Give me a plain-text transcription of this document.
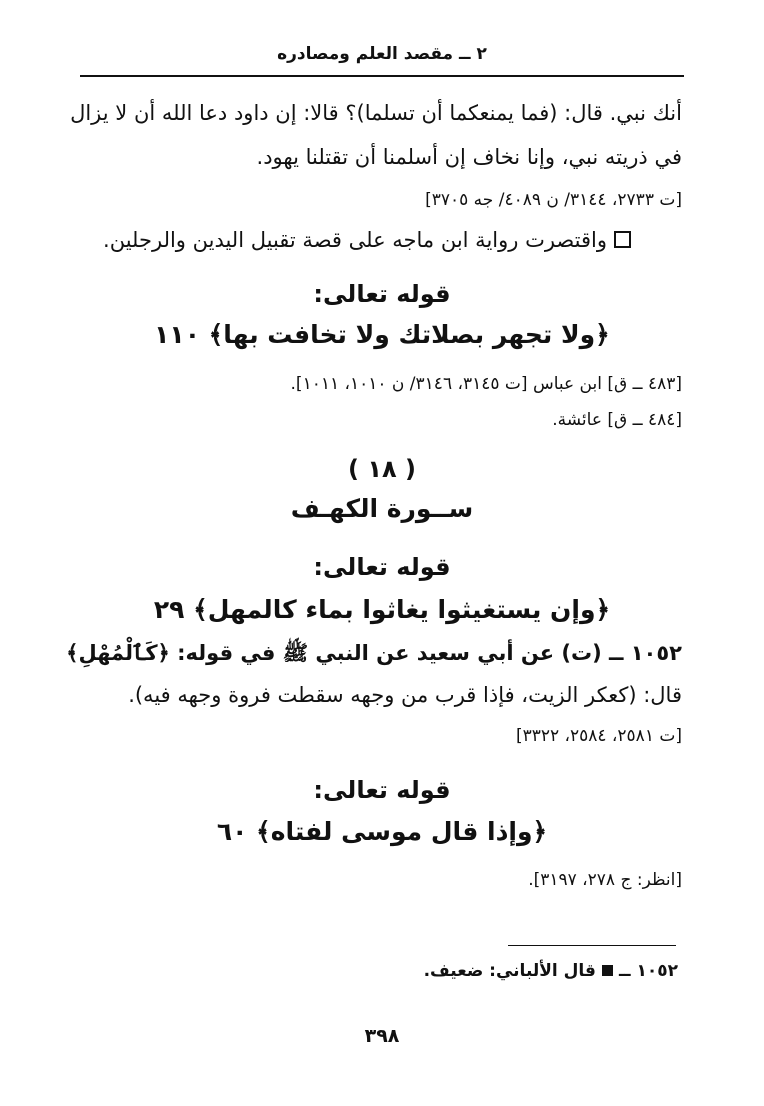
٢ ــ مقصد العلم ومصادره
أنك نبي. قال: (فما يمنعكما أن تسلما)؟ قالا: إن داود دعا الله أن لا يزال
في ذريته نبي، وإنا نخاف إن أسلمنا أن تقتلنا يهود.
[ت ٢٧٣٣، ٣١٤٤/ ن ٤٠٨٩/ جه ٣٧٠٥]
واقتصرت رواية ابن ماجه على قصة تقبيل اليدين والرجلين.
قوله تعالى:
﴿ولا تجهر بصلاتك ولا تخافت بها﴾ ١١٠
[٤٨٣ ــ ق] ابن عباس [ت ٣١٤٥، ٣١٤٦/ ن ١٠١٠، ١٠١١].
[٤٨٤ ــ ق] عائشة.
( ١٨ )
ســورة الكهـف
قوله تعالى:
﴿وإن يستغيثوا يغاثوا بماء كالمهل﴾ ٢٩
١٠٥٢ ــ (ت) عن أبي سعيد عن النبي ﷺ في قوله: ﴿كَٱلْمُهْلِ﴾
قال: (كعكر الزيت، فإذا قرب من وجهه سقطت فروة وجهه فيه).
[ت ٢٥٨١، ٢٥٨٤، ٣٣٢٢]
قوله تعالى:
﴿وإذا قال موسى لفتاه﴾ ٦٠
[انظر: ج ٢٧٨، ٣١٩٧].
١٠٥٢ ــقال الألباني: ضعيف.
٣٩٨
